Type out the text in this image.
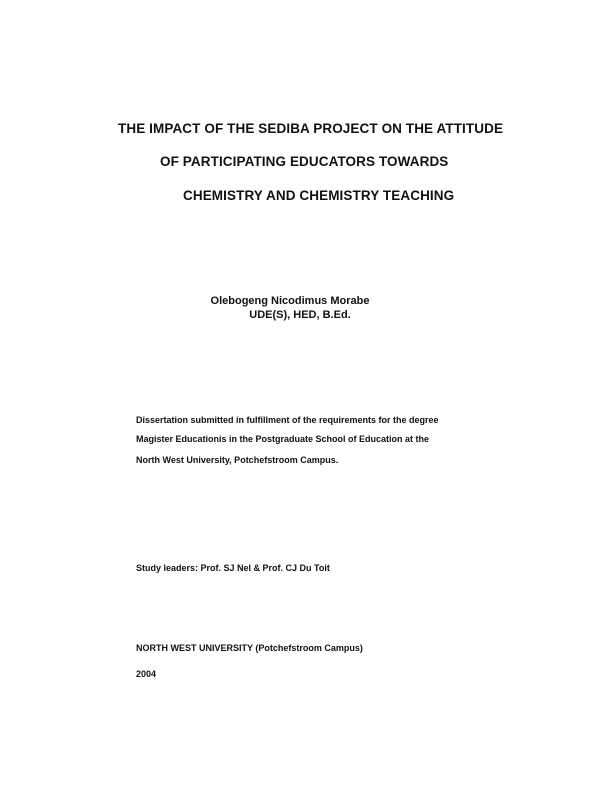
THE IMPACT OF THE SEDIBA PROJECT ON THE ATTITUDE
OF PARTICIPATING EDUCATORS TOWARDS
CHEMISTRY AND CHEMISTRY TEACHING
Olebogeng Nicodimus Morabe
UDE(S), HED, B.Ed.
Dissertation submitted in fulfillment of the requirements for the degree
Magister Educationis in the Postgraduate School of Education at the
North West University, Potchefstroom Campus.
Study leaders: Prof. SJ Nel & Prof. CJ Du Toit
NORTH WEST UNIVERSITY (Potchefstroom Campus)
2004
